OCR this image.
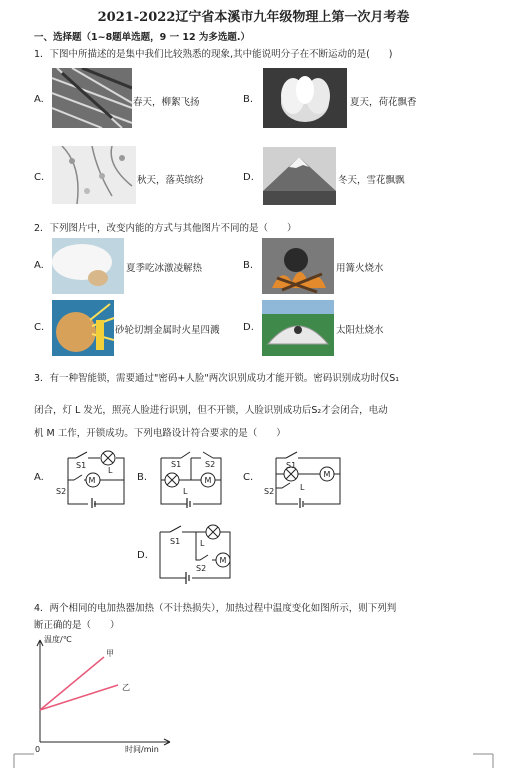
2021-2022辽宁省本溪市九年级物理上第一次月考卷
一、选择题（1~8题单选题，9 一 12 为多选题.）
1．下图中所描述的是集中我们比较熟悉的现象,其中能说明分子在不断运动的是(　　)
A.	春天，柳絮飞扬	B.	夏天，荷花飘香
C.	秋天，落英缤纷	D.	冬天，雪花飘飘
2．下列图片中，改变内能的方式与其他图片不同的是（　　）
A.	夏季吃冰激凌解热	B.	用篝火烧水
C.	砂轮切割金属时火星四溅 D.	太阳灶烧水
3．有一种智能锁，需要通过"密码+人脸"两次识别成功才能开锁。密码识别成功时仅S₁
闭合，灯 L 发光，照亮人脸进行识别，但不开锁，人脸识别成功后S₂才会闭合，电动
机 M 工作，开锁成功。下列电路设计符合要求的是（　　）
A.
S1
M
L
S2
B.
S1	S2
M
L
C.
S1
M
L
S2
D.
S1 L
S2
M
4．两个相同的电加热器加热（不计热损失），加热过程中温度变化如图所示，则下列判
断正确的是（　　）
温度/℃
时间/min
0
甲
乙
